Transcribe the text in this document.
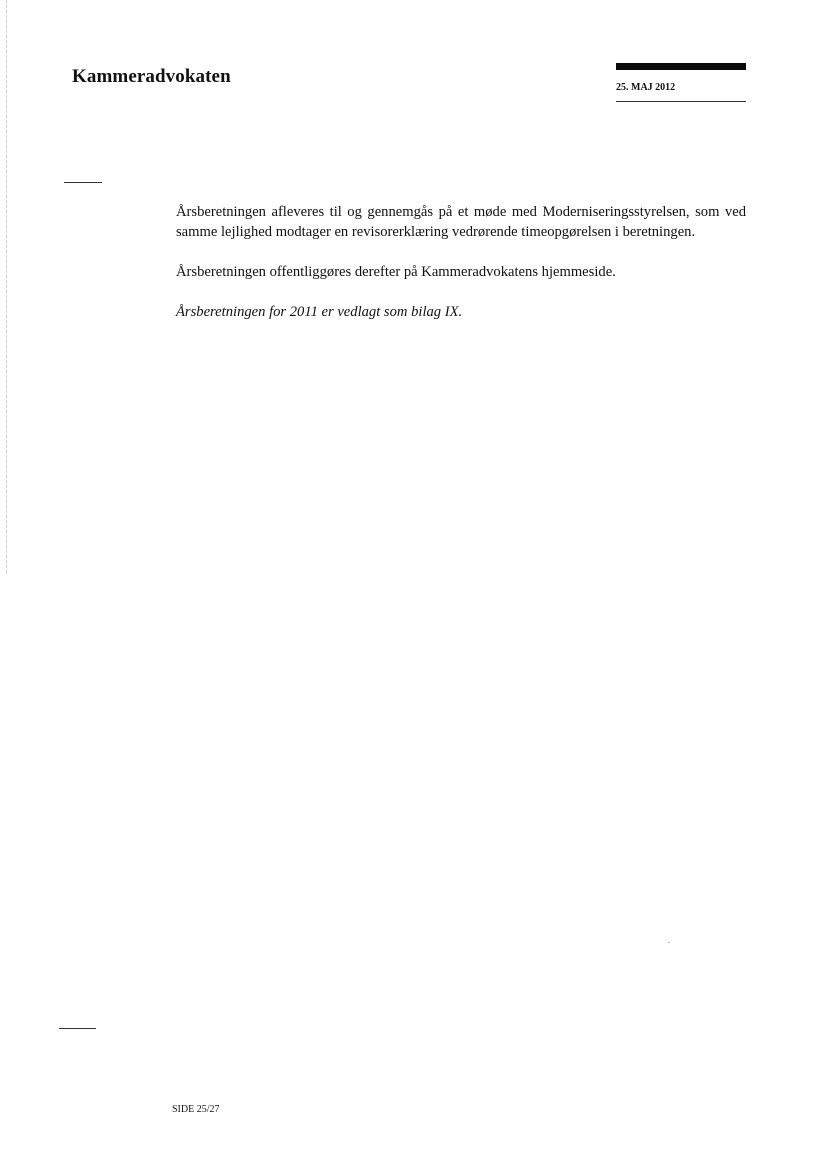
Kammeradvokaten
25. MAJ 2012

Årsberetningen afleveres til og gennemgås på et møde med Moderniseringsstyrelsen, som ved samme lejlighed modtager en revisorerklæring vedrørende timeopgørelsen i beretningen.

Årsberetningen offentliggøres derefter på Kammeradvokatens hjemmeside.

Årsberetningen for 2011 er vedlagt som bilag IX.

SIDE 25/27
